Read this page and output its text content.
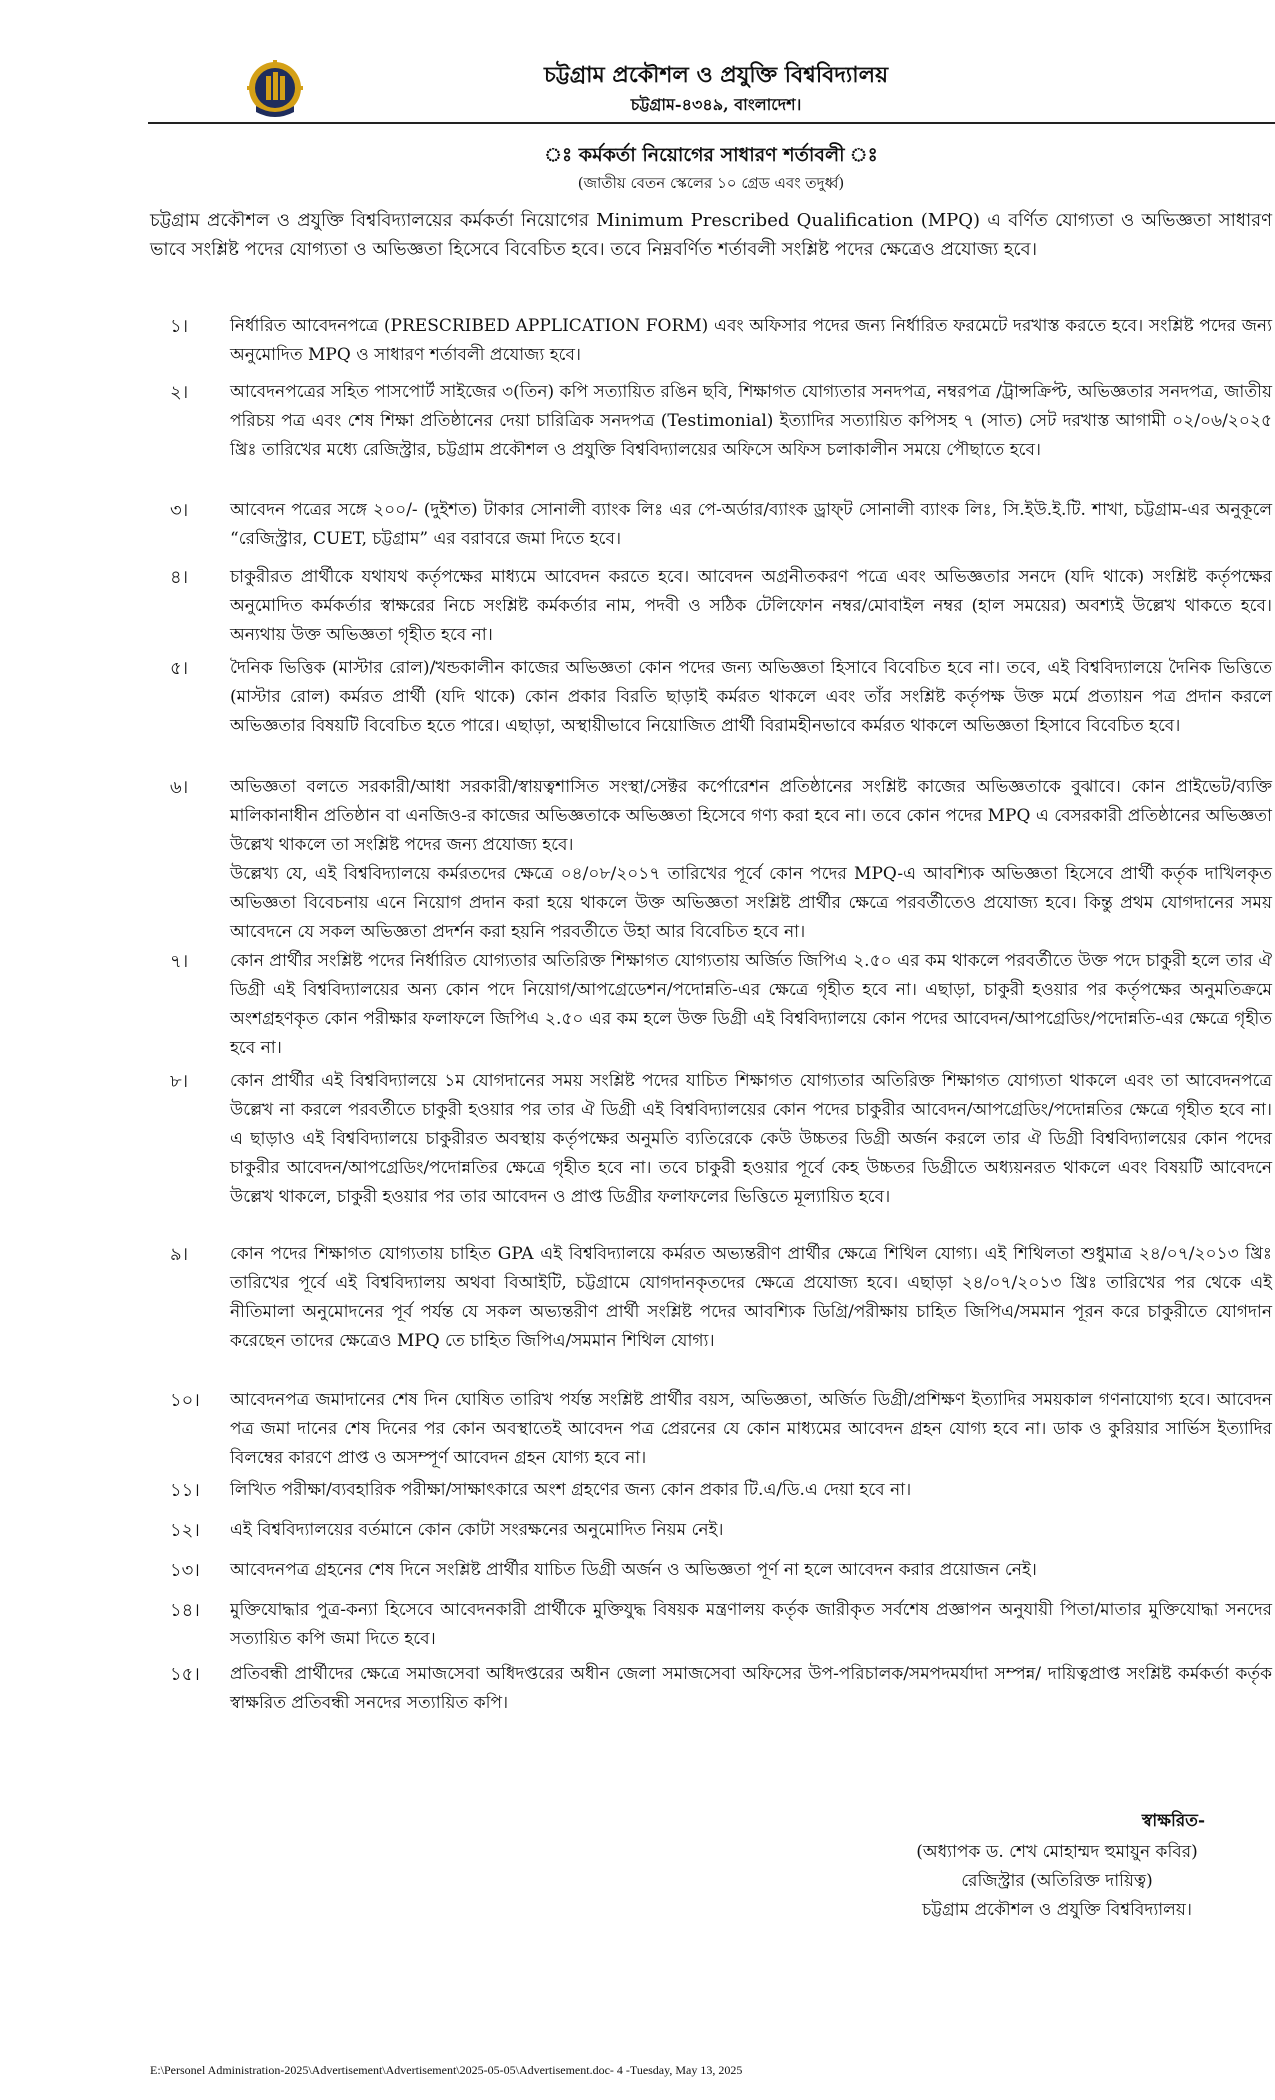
চট্টগ্রাম প্রকৌশল ও প্রযুক্তি বিশ্ববিদ্যালয়
চট্টগ্রাম-৪৩৪৯, বাংলাদেশ।
ঃ কর্মকর্তা নিয়োগের সাধারণ শর্তাবলী ঃ
(জাতীয় বেতন স্কেলের ১০ গ্রেড এবং তদুর্ধ্ব)
চট্টগ্রাম প্রকৌশল ও প্রযুক্তি বিশ্ববিদ্যালয়ের কর্মকর্তা নিয়োগের Minimum Prescribed Qualification (MPQ) এ বর্ণিত যোগ্যতা ও অভিজ্ঞতা সাধারণ ভাবে সংশ্লিষ্ট পদের যোগ্যতা ও অভিজ্ঞতা হিসেবে বিবেচিত হবে। তবে নিম্নবর্ণিত শর্তাবলী সংশ্লিষ্ট পদের ক্ষেত্রেও প্রযোজ্য হবে।
১।	নির্ধারিত আবেদনপত্রে (PRESCRIBED APPLICATION FORM) এবং অফিসার পদের জন্য নির্ধারিত ফরমেটে দরখাস্ত করতে হবে। সংশ্লিষ্ট পদের জন্য অনুমোদিত MPQ ও সাধারণ শর্তাবলী প্রযোজ্য হবে।

২।	আবেদনপত্রের সহিত পাসপোর্ট সাইজের ৩(তিন) কপি সত্যায়িত রঙিন ছবি, শিক্ষাগত যোগ্যতার সনদপত্র, নম্বরপত্র /ট্রান্সক্রিপ্ট, অভিজ্ঞতার সনদপত্র, জাতীয় পরিচয় পত্র এবং শেষ শিক্ষা প্রতিষ্ঠানের দেয়া চারিত্রিক সনদপত্র (Testimonial) ইত্যাদির সত্যায়িত কপিসহ ৭ (সাত) সেট দরখাস্ত আগামী ০২/০৬/২০২৫ খ্রিঃ তারিখের মধ্যে রেজিস্ট্রার, চট্টগ্রাম প্রকৌশল ও প্রযুক্তি বিশ্ববিদ্যালয়ের অফিসে অফিস চলাকালীন সময়ে পৌছাতে হবে।

৩।	আবেদন পত্রের সঙ্গে ২০০/- (দুইশত) টাকার সোনালী ব্যাংক লিঃ এর পে-অর্ডার/ব্যাংক ড্রাফ্‌ট সোনালী ব্যাংক লিঃ, সি.ইউ.ই.টি. শাখা, চট্টগ্রাম-এর অনুকূলে “রেজিস্ট্রার, CUET, চট্টগ্রাম” এর বরাবরে জমা দিতে হবে।

৪।	চাকুরীরত প্রার্থীকে যথাযথ কর্তৃপক্ষের মাধ্যমে আবেদন করতে হবে। আবেদন অগ্রনীতকরণ পত্রে এবং অভিজ্ঞতার সনদে (যদি থাকে) সংশ্লিষ্ট কর্তৃপক্ষের অনুমোদিত কর্মকর্তার স্বাক্ষরের নিচে সংশ্লিষ্ট কর্মকর্তার নাম, পদবী ও সঠিক টেলিফোন নম্বর/মোবাইল নম্বর (হাল সময়ের) অবশ্যই উল্লেখ থাকতে হবে। অন্যথায় উক্ত অভিজ্ঞতা গৃহীত হবে না।

৫।	দৈনিক ভিত্তিক (মাস্টার রোল)/খন্ডকালীন কাজের অভিজ্ঞতা কোন পদের জন্য অভিজ্ঞতা হিসাবে বিবেচিত হবে না। তবে, এই বিশ্ববিদ্যালয়ে দৈনিক ভিত্তিতে (মাস্টার রোল) কর্মরত প্রার্থী (যদি থাকে) কোন প্রকার বিরতি ছাড়াই কর্মরত থাকলে এবং তাঁর সংশ্লিষ্ট কর্তৃপক্ষ উক্ত মর্মে প্রত্যায়ন পত্র প্রদান করলে অভিজ্ঞতার বিষয়টি বিবেচিত হতে পারে। এছাড়া, অস্থায়ীভাবে নিয়োজিত প্রার্থী বিরামহীনভাবে কর্মরত থাকলে অভিজ্ঞতা হিসাবে বিবেচিত হবে।

৬।	অভিজ্ঞতা বলতে সরকারী/আধা সরকারী/স্বায়ত্বশাসিত সংস্থা/সেক্টর কর্পোরেশন প্রতিষ্ঠানের সংশ্লিষ্ট কাজের অভিজ্ঞতাকে বুঝাবে। কোন প্রাইভেট/ব্যক্তি মালিকানাধীন প্রতিষ্ঠান বা এনজিও-র কাজের অভিজ্ঞতাকে অভিজ্ঞতা হিসেবে গণ্য করা হবে না। তবে কোন পদের MPQ এ বেসরকারী প্রতিষ্ঠানের অভিজ্ঞতা উল্লেখ থাকলে তা সংশ্লিষ্ট পদের জন্য প্রযোজ্য হবে।

উল্লেখ্য যে, এই বিশ্ববিদ্যালয়ে কর্মরতদের ক্ষেত্রে ০৪/০৮/২০১৭ তারিখের পূর্বে কোন পদের MPQ-এ আবশ্যিক অভিজ্ঞতা হিসেবে প্রার্থী কর্তৃক দাখিলকৃত অভিজ্ঞতা বিবেচনায় এনে নিয়োগ প্রদান করা হয়ে থাকলে উক্ত অভিজ্ঞতা সংশ্লিষ্ট প্রার্থীর ক্ষেত্রে পরবর্তীতেও প্রযোজ্য হবে। কিন্তু প্রথম যোগদানের সময় আবেদনে যে সকল অভিজ্ঞতা প্রদর্শন করা হয়নি পরবর্তীতে উহা আর বিবেচিত হবে না।

৭।	কোন প্রার্থীর সংশ্লিষ্ট পদের নির্ধারিত যোগ্যতার অতিরিক্ত শিক্ষাগত যোগ্যতায় অর্জিত জিপিএ ২.৫০ এর কম থাকলে পরবর্তীতে উক্ত পদে চাকুরী হলে তার ঐ ডিগ্রী এই বিশ্ববিদ্যালয়ের অন্য কোন পদে নিয়োগ/আপগ্রেডেশন/পদোন্নতি-এর ক্ষেত্রে গৃহীত হবে না। এছাড়া, চাকুরী হওয়ার পর কর্তৃপক্ষের অনুমতিক্রমে অংশগ্রহণকৃত কোন পরীক্ষার ফলাফলে জিপিএ ২.৫০ এর কম হলে উক্ত ডিগ্রী এই বিশ্ববিদ্যালয়ে কোন পদের আবেদন/আপগ্রেডিং/পদোন্নতি-এর ক্ষেত্রে গৃহীত হবে না।

৮।	কোন প্রার্থীর এই বিশ্ববিদ্যালয়ে ১ম যোগদানের সময় সংশ্লিষ্ট পদের যাচিত শিক্ষাগত যোগ্যতার অতিরিক্ত শিক্ষাগত যোগ্যতা থাকলে এবং তা আবেদনপত্রে উল্লেখ না করলে পরবর্তীতে চাকুরী হওয়ার পর তার ঐ ডিগ্রী এই বিশ্ববিদ্যালয়ের কোন পদের চাকুরীর আবেদন/আপগ্রেডিং/পদোন্নতির ক্ষেত্রে গৃহীত হবে না। এ ছাড়াও এই বিশ্ববিদ্যালয়ে চাকুরীরত অবস্থায় কর্তৃপক্ষের অনুমতি ব্যতিরেকে কেউ উচ্চতর ডিগ্রী অর্জন করলে তার ঐ ডিগ্রী বিশ্ববিদ্যালয়ের কোন পদের চাকুরীর আবেদন/আপগ্রেডিং/পদোন্নতির ক্ষেত্রে গৃহীত হবে না। তবে চাকুরী হওয়ার পূর্বে কেহ উচ্চতর ডিগ্রীতে অধ্যয়নরত থাকলে এবং বিষয়টি আবেদনে উল্লেখ থাকলে, চাকুরী হওয়ার পর তার আবেদন ও প্রাপ্ত ডিগ্রীর ফলাফলের ভিত্তিতে মূল্যায়িত হবে।

৯।	কোন পদের শিক্ষাগত যোগ্যতায় চাহিত GPA এই বিশ্ববিদ্যালয়ে কর্মরত অভ্যন্তরীণ প্রার্থীর ক্ষেত্রে শিথিল যোগ্য। এই শিথিলতা শুধুমাত্র ২৪/০৭/২০১৩ খ্রিঃ তারিখের পূর্বে এই বিশ্ববিদ্যালয় অথবা বিআইটি, চট্টগ্রামে যোগদানকৃতদের ক্ষেত্রে প্রযোজ্য হবে। এছাড়া ২৪/০৭/২০১৩ খ্রিঃ তারিখের পর থেকে এই নীতিমালা অনুমোদনের পূর্ব পর্যন্ত যে সকল অভ্যন্তরীণ প্রার্থী সংশ্লিষ্ট পদের আবশ্যিক ডিগ্রি/পরীক্ষায় চাহিত জিপিএ/সমমান পূরন করে চাকুরীতে যোগদান করেছেন তাদের ক্ষেত্রেও MPQ তে চাহিত জিপিএ/সমমান শিথিল যোগ্য।

১০।	আবেদনপত্র জমাদানের শেষ দিন ঘোষিত তারিখ পর্যন্ত সংশ্লিষ্ট প্রার্থীর বয়স, অভিজ্ঞতা, অর্জিত ডিগ্রী/প্রশিক্ষণ ইত্যাদির সময়কাল গণনাযোগ্য হবে। আবেদন পত্র জমা দানের শেষ দিনের পর কোন অবস্থাতেই আবেদন পত্র প্রেরনের যে কোন মাধ্যমের আবেদন গ্রহন যোগ্য হবে না। ডাক ও কুরিয়ার সার্ভিস ইত্যাদির বিলম্বের কারণে প্রাপ্ত ও অসম্পূর্ণ আবেদন গ্রহন যোগ্য হবে না।

১১।	লিখিত পরীক্ষা/ব্যবহারিক পরীক্ষা/সাক্ষাৎকারে অংশ গ্রহণের জন্য কোন প্রকার টি.এ/ডি.এ দেয়া হবে না।

১২।	এই বিশ্ববিদ্যালয়ের বর্তমানে কোন কোটা সংরক্ষনের অনুমোদিত নিয়ম নেই।

১৩।	আবেদনপত্র গ্রহনের শেষ দিনে সংশ্লিষ্ট প্রার্থীর যাচিত ডিগ্রী অর্জন ও অভিজ্ঞতা পূর্ণ না হলে আবেদন করার প্রয়োজন নেই।

১৪।	মুক্তিযোদ্ধার পুত্র-কন্যা হিসেবে আবেদনকারী প্রার্থীকে মুক্তিযুদ্ধ বিষয়ক মন্ত্রণালয় কর্তৃক জারীকৃত সর্বশেষ প্রজ্ঞাপন অনুযায়ী পিতা/মাতার মুক্তিযোদ্ধা সনদের সত্যায়িত কপি জমা দিতে হবে।

১৫।	প্রতিবন্ধী প্রার্থীদের ক্ষেত্রে সমাজসেবা অধিদপ্তরের অধীন জেলা সমাজসেবা অফিসের উপ-পরিচালক/সমপদমর্যাদা সম্পন্ন/ দায়িত্বপ্রাপ্ত সংশ্লিষ্ট কর্মকর্তা কর্তৃক স্বাক্ষরিত প্রতিবন্ধী সনদের সত্যায়িত কপি।

স্বাক্ষরিত-
(অধ্যাপক ড. শেখ মোহাম্মদ হুমায়ুন কবির)
রেজিস্ট্রার (অতিরিক্ত দায়িত্ব)
চট্টগ্রাম প্রকৌশল ও প্রযুক্তি বিশ্ববিদ্যালয়।
E:\Personel Administration-2025\Advertisement\Advertisement\2025-05-05\Advertisement.doc- 4 -Tuesday, May 13, 2025
